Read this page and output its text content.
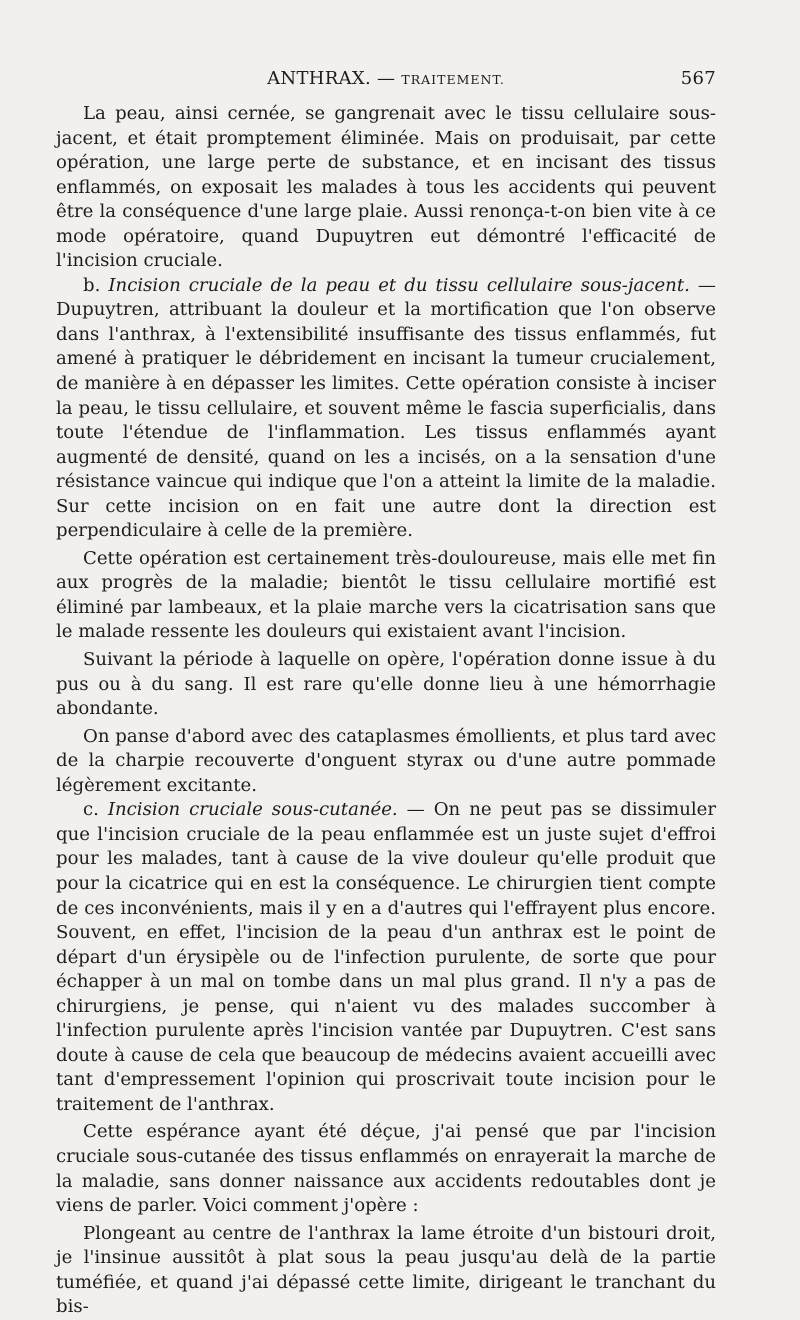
ANTHRAX. — TRAITEMENT.	567

La peau, ainsi cernée, se gangrenait avec le tissu cellulaire sous-jacent, et était promptement éliminée. Mais on produisait, par cette opération, une large perte de substance, et en incisant des tissus enflammés, on exposait les malades à tous les accidents qui peuvent être la conséquence d'une large plaie. Aussi renonça-t-on bien vite à ce mode opératoire, quand Dupuytren eut démontré l'efficacité de l'incision cruciale.

b. Incision cruciale de la peau et du tissu cellulaire sous-jacent. — Dupuytren, attribuant la douleur et la mortification que l'on observe dans l'anthrax, à l'extensibilité insuffisante des tissus enflammés, fut amené à pratiquer le débridement en incisant la tumeur crucialement, de manière à en dépasser les limites. Cette opération consiste à inciser la peau, le tissu cellulaire, et souvent même le fascia superficialis, dans toute l'étendue de l'inflammation. Les tissus enflammés ayant augmenté de densité, quand on les a incisés, on a la sensation d'une résistance vaincue qui indique que l'on a atteint la limite de la maladie. Sur cette incision on en fait une autre dont la direction est perpendiculaire à celle de la première.

Cette opération est certainement très-douloureuse, mais elle met fin aux progrès de la maladie; bientôt le tissu cellulaire mortifié est éliminé par lambeaux, et la plaie marche vers la cicatrisation sans que le malade ressente les douleurs qui existaient avant l'incision.

Suivant la période à laquelle on opère, l'opération donne issue à du pus ou à du sang. Il est rare qu'elle donne lieu à une hémorrhagie abondante.

On panse d'abord avec des cataplasmes émollients, et plus tard avec de la charpie recouverte d'onguent styrax ou d'une autre pommade légèrement excitante.

c. Incision cruciale sous-cutanée. — On ne peut pas se dissimuler que l'incision cruciale de la peau enflammée est un juste sujet d'effroi pour les malades, tant à cause de la vive douleur qu'elle produit que pour la cicatrice qui en est la conséquence. Le chirurgien tient compte de ces inconvénients, mais il y en a d'autres qui l'effrayent plus encore. Souvent, en effet, l'incision de la peau d'un anthrax est le point de départ d'un érysipèle ou de l'infection purulente, de sorte que pour échapper à un mal on tombe dans un mal plus grand. Il n'y a pas de chirurgiens, je pense, qui n'aient vu des malades succomber à l'infection purulente après l'incision vantée par Dupuytren. C'est sans doute à cause de cela que beaucoup de médecins avaient accueilli avec tant d'empressement l'opinion qui proscrivait toute incision pour le traitement de l'anthrax.

Cette espérance ayant été déçue, j'ai pensé que par l'incision cruciale sous-cutanée des tissus enflammés on enrayerait la marche de la maladie, sans donner naissance aux accidents redoutables dont je viens de parler. Voici comment j'opère :

Plongeant au centre de l'anthrax la lame étroite d'un bistouri droit, je l'insinue aussitôt à plat sous la peau jusqu'au delà de la partie tuméfiée, et quand j'ai dépassé cette limite, dirigeant le tranchant du bis-
